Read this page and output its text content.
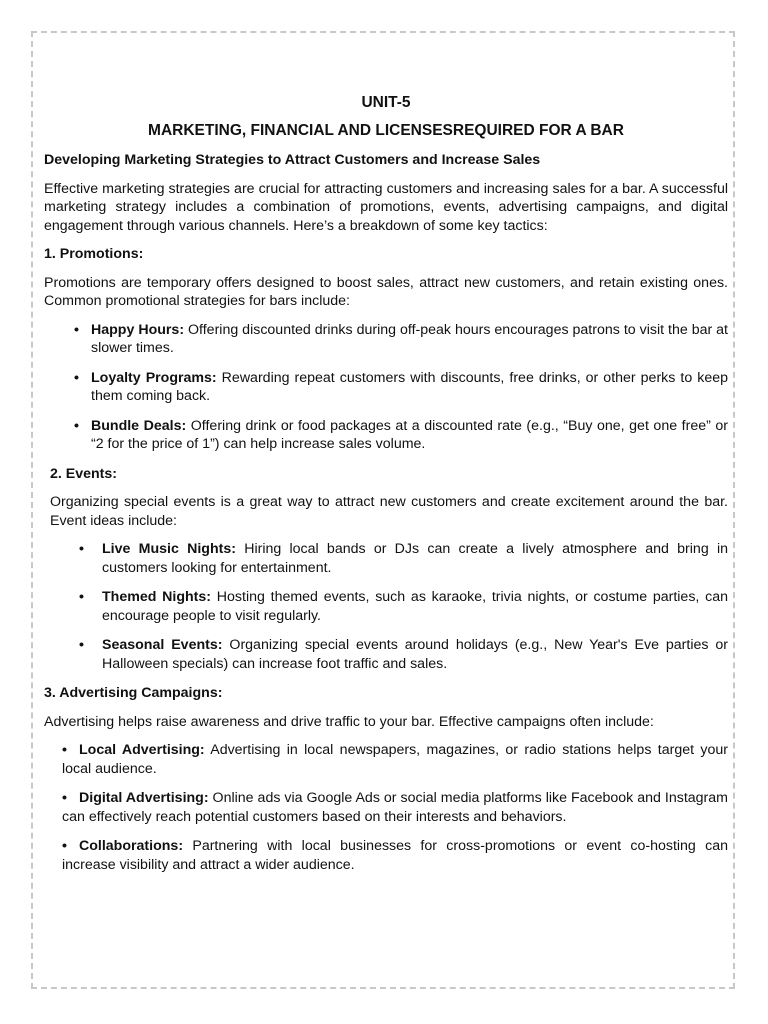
UNIT-5
MARKETING, FINANCIAL AND LICENSESREQUIRED FOR A BAR
Developing Marketing Strategies to Attract Customers and Increase Sales

Effective marketing strategies are crucial for attracting customers and increasing sales for a bar. A successful marketing strategy includes a combination of promotions, events, advertising campaigns, and digital engagement through various channels. Here’s a breakdown of some key tactics:

1. Promotions:

Promotions are temporary offers designed to boost sales, attract new customers, and retain existing ones. Common promotional strategies for bars include:

• Happy Hours: Offering discounted drinks during off-peak hours encourages patrons to visit the bar at slower times.
• Loyalty Programs: Rewarding repeat customers with discounts, free drinks, or other perks to keep them coming back.
• Bundle Deals: Offering drink or food packages at a discounted rate (e.g., “Buy one, get one free” or “2 for the price of 1”) can help increase sales volume.
2. Events:

Organizing special events is a great way to attract new customers and create excitement around the bar. Event ideas include:

• Live Music Nights: Hiring local bands or DJs can create a lively atmosphere and bring in customers looking for entertainment.
• Themed Nights: Hosting themed events, such as karaoke, trivia nights, or costume parties, can encourage people to visit regularly.
• Seasonal Events: Organizing special events around holidays (e.g., New Year's Eve parties or Halloween specials) can increase foot traffic and sales.
3. Advertising Campaigns:

Advertising helps raise awareness and drive traffic to your bar. Effective campaigns often include:

• Local Advertising: Advertising in local newspapers, magazines, or radio stations helps target your local audience.
• Digital Advertising: Online ads via Google Ads or social media platforms like Facebook and Instagram can effectively reach potential customers based on their interests and behaviors.
• Collaborations: Partnering with local businesses for cross-promotions or event co-hosting can increase visibility and attract a wider audience.
